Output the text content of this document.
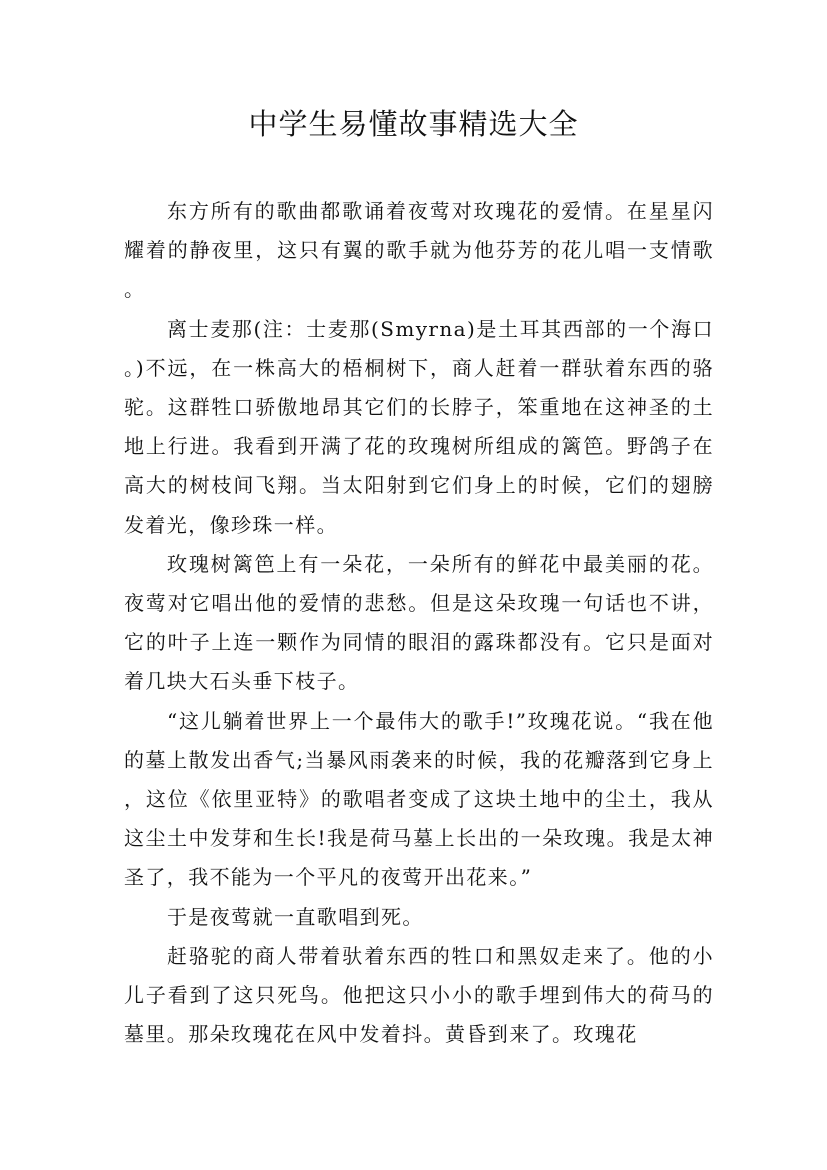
中学生易懂故事精选大全

东方所有的歌曲都歌诵着夜莺对玫瑰花的爱情。在星星闪耀着的静夜里，这只有翼的歌手就为他芬芳的花儿唱一支情歌。

离士麦那(注：士麦那(Smyrna)是土耳其西部的一个海口。)不远，在一株高大的梧桐树下，商人赶着一群驮着东西的骆驼。这群牲口骄傲地昂其它们的长脖子，笨重地在这神圣的土地上行进。我看到开满了花的玫瑰树所组成的篱笆。野鸽子在高大的树枝间飞翔。当太阳射到它们身上的时候，它们的翅膀发着光，像珍珠一样。

玫瑰树篱笆上有一朵花，一朵所有的鲜花中最美丽的花。夜莺对它唱出他的爱情的悲愁。但是这朵玫瑰一句话也不讲，它的叶子上连一颗作为同情的眼泪的露珠都没有。它只是面对着几块大石头垂下枝子。

“这儿躺着世界上一个最伟大的歌手!”玫瑰花说。“我在他的墓上散发出香气;当暴风雨袭来的时候，我的花瓣落到它身上，这位《依里亚特》的歌唱者变成了这块土地中的尘土，我从这尘土中发芽和生长!我是荷马墓上长出的一朵玫瑰。我是太神圣了，我不能为一个平凡的夜莺开出花来。”

于是夜莺就一直歌唱到死。

赶骆驼的商人带着驮着东西的牲口和黑奴走来了。他的小儿子看到了这只死鸟。他把这只小小的歌手埋到伟大的荷马的墓里。那朵玫瑰花在风中发着抖。黄昏到来了。玫瑰花
